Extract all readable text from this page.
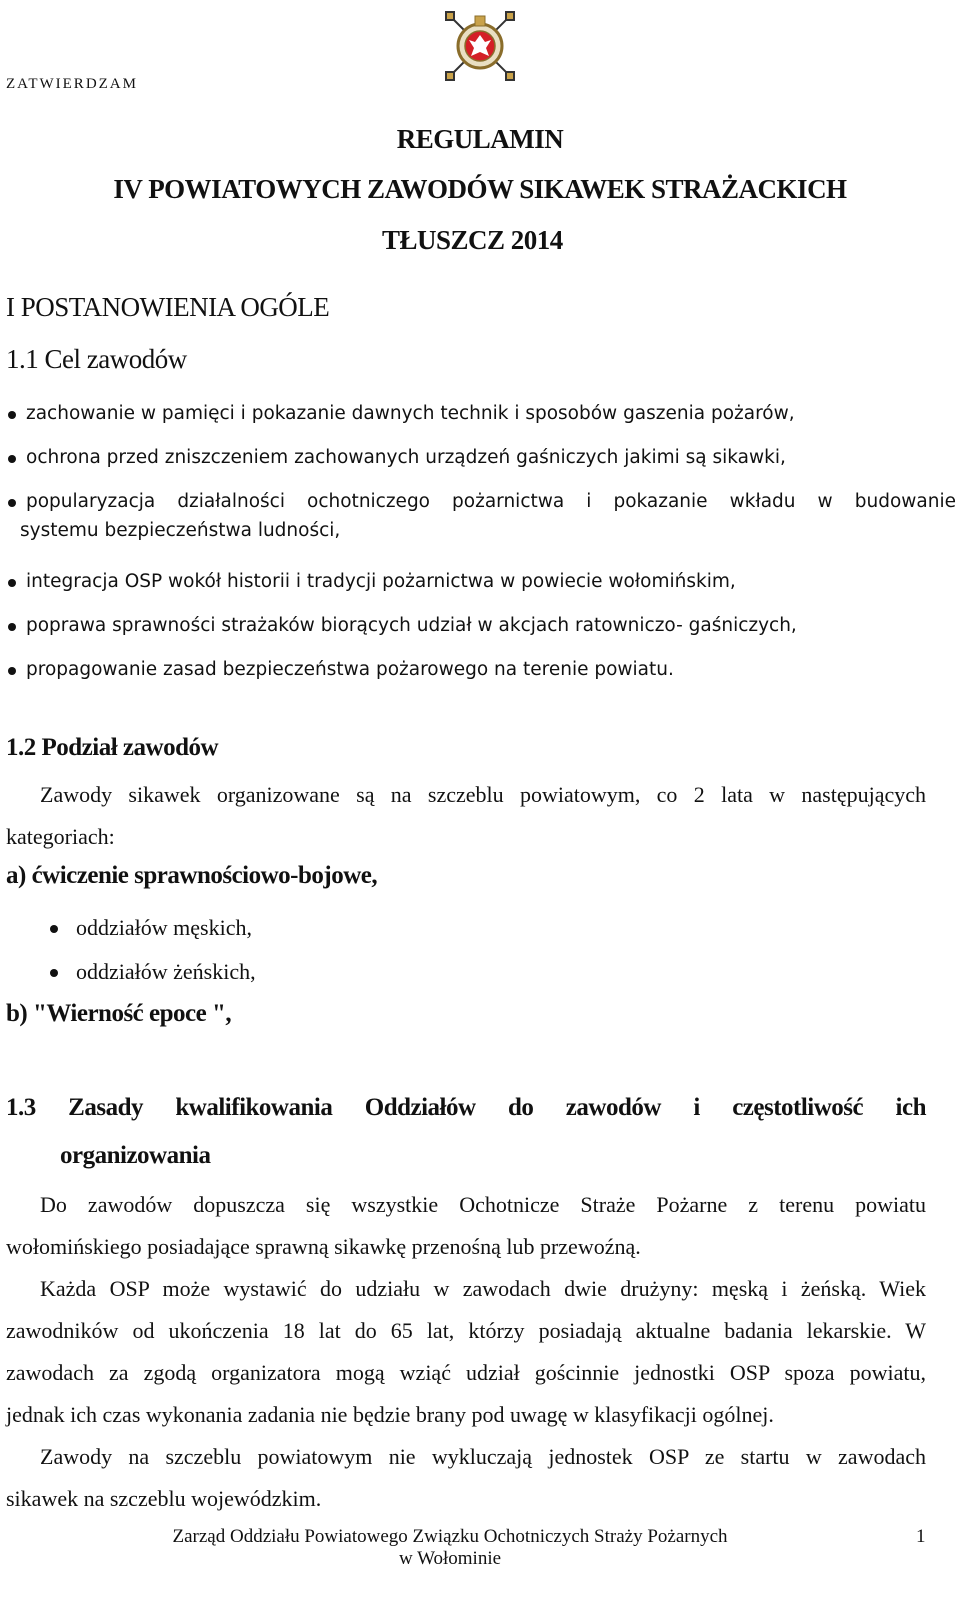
ZATWIERDZAM
REGULAMIN
IV POWIATOWYCH ZAWODÓW SIKAWEK STRAŻACKICH
TŁUSZCZ 2014
I POSTANOWIENIA OGÓLE
1.1 Cel zawodów
zachowanie w pamięci i pokazanie dawnych technik i sposobów gaszenia pożarów,
ochrona przed zniszczeniem zachowanych urządzeń gaśniczych jakimi są sikawki,
popularyzacja działalności ochotniczego pożarnictwa i pokazanie wkładu w budowanie
systemu bezpieczeństwa ludności,
integracja OSP wokół historii i tradycji pożarnictwa w powiecie wołomińskim,
poprawa sprawności strażaków biorących udział w akcjach ratowniczo- gaśniczych,
propagowanie zasad bezpieczeństwa pożarowego na terenie powiatu.
1.2 Podział zawodów
Zawody sikawek organizowane są na szczeblu powiatowym, co 2 lata w następujących
kategoriach:
a) ćwiczenie sprawnościowo-bojowe,
oddziałów męskich,
oddziałów żeńskich,
b) "Wierność epoce ",
1.3 Zasady kwalifikowania Oddziałów do zawodów i częstotliwość ich
organizowania
Do zawodów dopuszcza się wszystkie Ochotnicze Straże Pożarne z terenu powiatu
wołomińskiego posiadające sprawną sikawkę przenośną lub przewoźną.
Każda OSP może wystawić do udziału w zawodach dwie drużyny: męską i żeńską. Wiek
zawodników od ukończenia 18 lat do 65 lat, którzy posiadają aktualne badania lekarskie. W
zawodach za zgodą organizatora mogą wziąć udział gościnnie jednostki OSP spoza powiatu,
jednak ich czas wykonania zadania nie będzie brany pod uwagę w klasyfikacji ogólnej.
Zawody na szczeblu powiatowym nie wykluczają jednostek OSP ze startu w zawodach
sikawek na szczeblu wojewódzkim.
Zarząd Oddziału Powiatowego Związku Ochotniczych Straży Pożarnych
w Wołominie
1
